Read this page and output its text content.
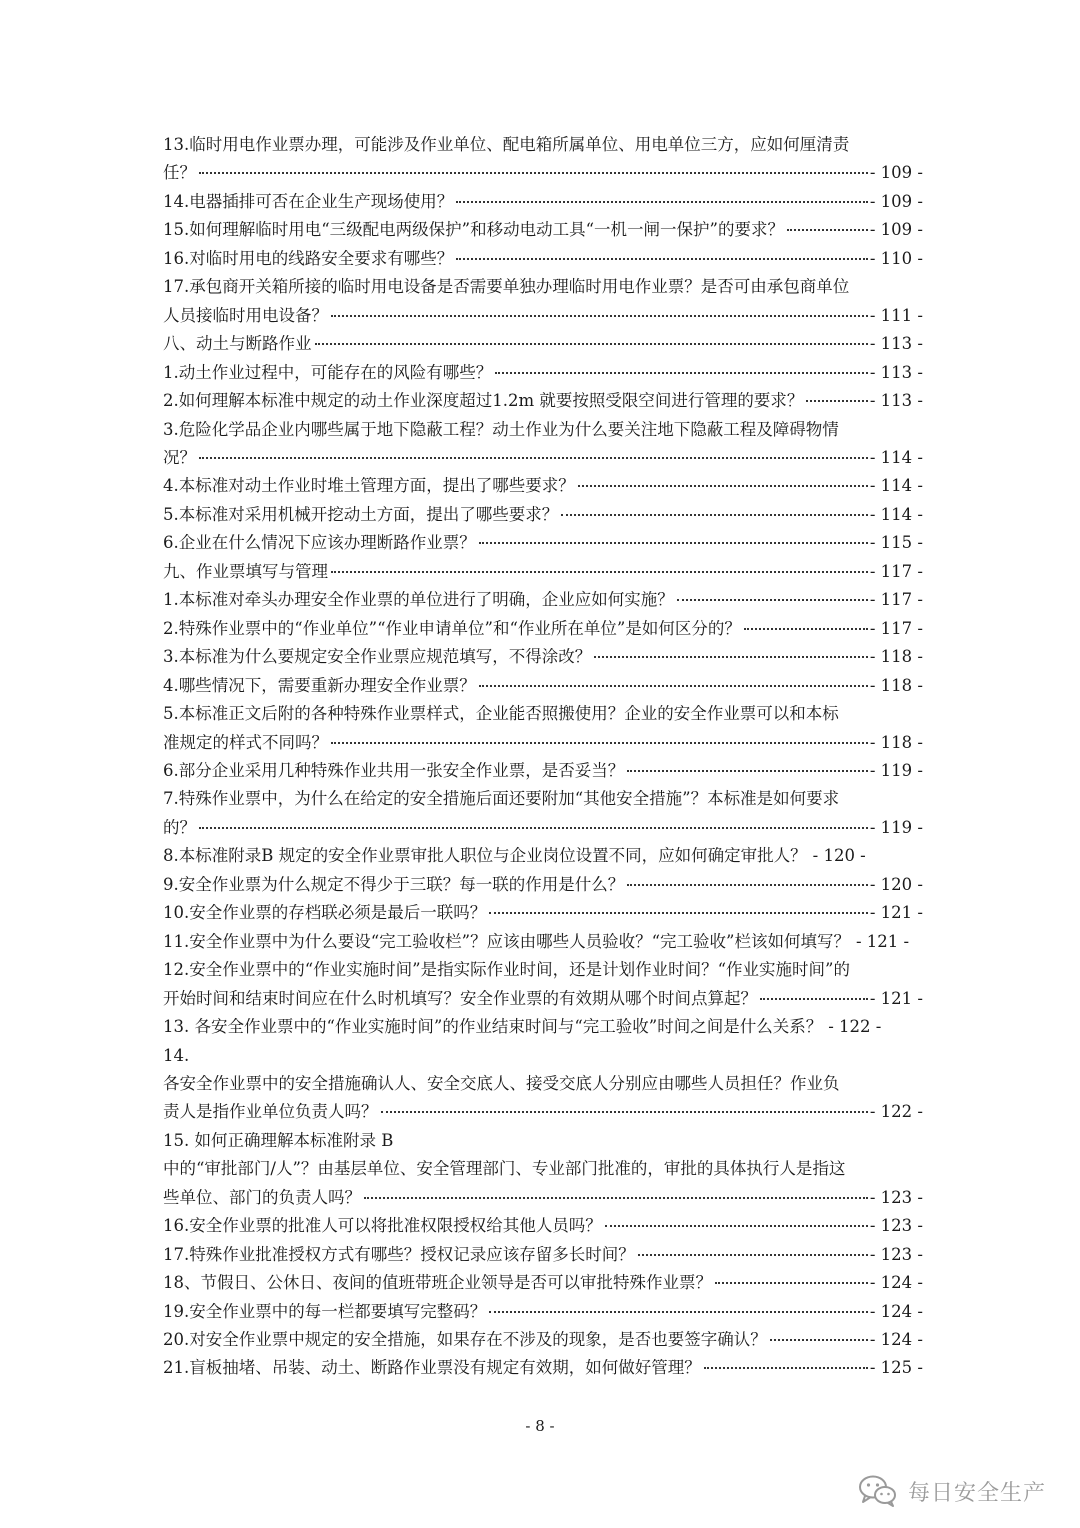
13.临时用电作业票办理，可能涉及作业单位、配电箱所属单位、用电单位三方，应如何厘清责
任？	- 109 -
14.电器插排可否在企业生产现场使用？	- 109 -
15.如何理解临时用电“三级配电两级保护”和移动电动工具“一机一闸一保护”的要求？	- 109 -
16.对临时用电的线路安全要求有哪些？	- 110 -
17.承包商开关箱所接的临时用电设备是否需要单独办理临时用电作业票？是否可由承包商单位
人员接临时用电设备？	- 111 -
八、动土与断路作业	- 113 -
1.动土作业过程中，可能存在的风险有哪些？	- 113 -
2.如何理解本标准中规定的动土作业深度超过1.2m 就要按照受限空间进行管理的要求？	- 113 -
3.危险化学品企业内哪些属于地下隐蔽工程？动土作业为什么要关注地下隐蔽工程及障碍物情
况？	- 114 -
4.本标准对动土作业时堆土管理方面，提出了哪些要求？	- 114 -
5.本标准对采用机械开挖动土方面，提出了哪些要求？	- 114 -
6.企业在什么情况下应该办理断路作业票？	- 115 -
九、作业票填写与管理	- 117 -
1.本标准对牵头办理安全作业票的单位进行了明确，企业应如何实施？	- 117 -
2.特殊作业票中的“作业单位”“作业申请单位”和“作业所在单位”是如何区分的？	- 117 -
3.本标准为什么要规定安全作业票应规范填写，不得涂改？	- 118 -
4.哪些情况下，需要重新办理安全作业票？	- 118 -
5.本标准正文后附的各种特殊作业票样式，企业能否照搬使用？企业的安全作业票可以和本标
准规定的样式不同吗？	- 118 -
6.部分企业采用几种特殊作业共用一张安全作业票，是否妥当？	- 119 -
7.特殊作业票中，为什么在给定的安全措施后面还要附加“其他安全措施”？本标准是如何要求
的？	- 119 -
8.本标准附录B 规定的安全作业票审批人职位与企业岗位设置不同，应如何确定审批人？ - 120 -
9.安全作业票为什么规定不得少于三联？每一联的作用是什么？	- 120 -
10.安全作业票的存档联必须是最后一联吗？	- 121 -
11.安全作业票中为什么要设“完工验收栏”？应该由哪些人员验收？“完工验收”栏该如何填写？ - 121 -
12.安全作业票中的“作业实施时间”是指实际作业时间，还是计划作业时间？“作业实施时间”的
开始时间和结束时间应在什么时机填写？安全作业票的有效期从哪个时间点算起？	- 121 -
13. 各安全作业票中的“作业实施时间”的作业结束时间与“完工验收”时间之间是什么关系？ - 122 -
14.
各安全作业票中的安全措施确认人、安全交底人、接受交底人分别应由哪些人员担任？作业负
责人是指作业单位负责人吗？	- 122 -
15. 如何正确理解本标准附录 B
中的“审批部门/人”？由基层单位、安全管理部门、专业部门批准的，审批的具体执行人是指这
些单位、部门的负责人吗？	- 123 -
16.安全作业票的批准人可以将批准权限授权给其他人员吗？	- 123 -
17.特殊作业批准授权方式有哪些？授权记录应该存留多长时间？	- 123 -
18、节假日、公休日、夜间的值班带班企业领导是否可以审批特殊作业票？	- 124 -
19.安全作业票中的每一栏都要填写完整码？	- 124 -
20.对安全作业票中规定的安全措施，如果存在不涉及的现象，是否也要签字确认？	- 124 -
21.盲板抽堵、吊装、动土、断路作业票没有规定有效期，如何做好管理？	- 125 -
- 8 -
每日安全生产
